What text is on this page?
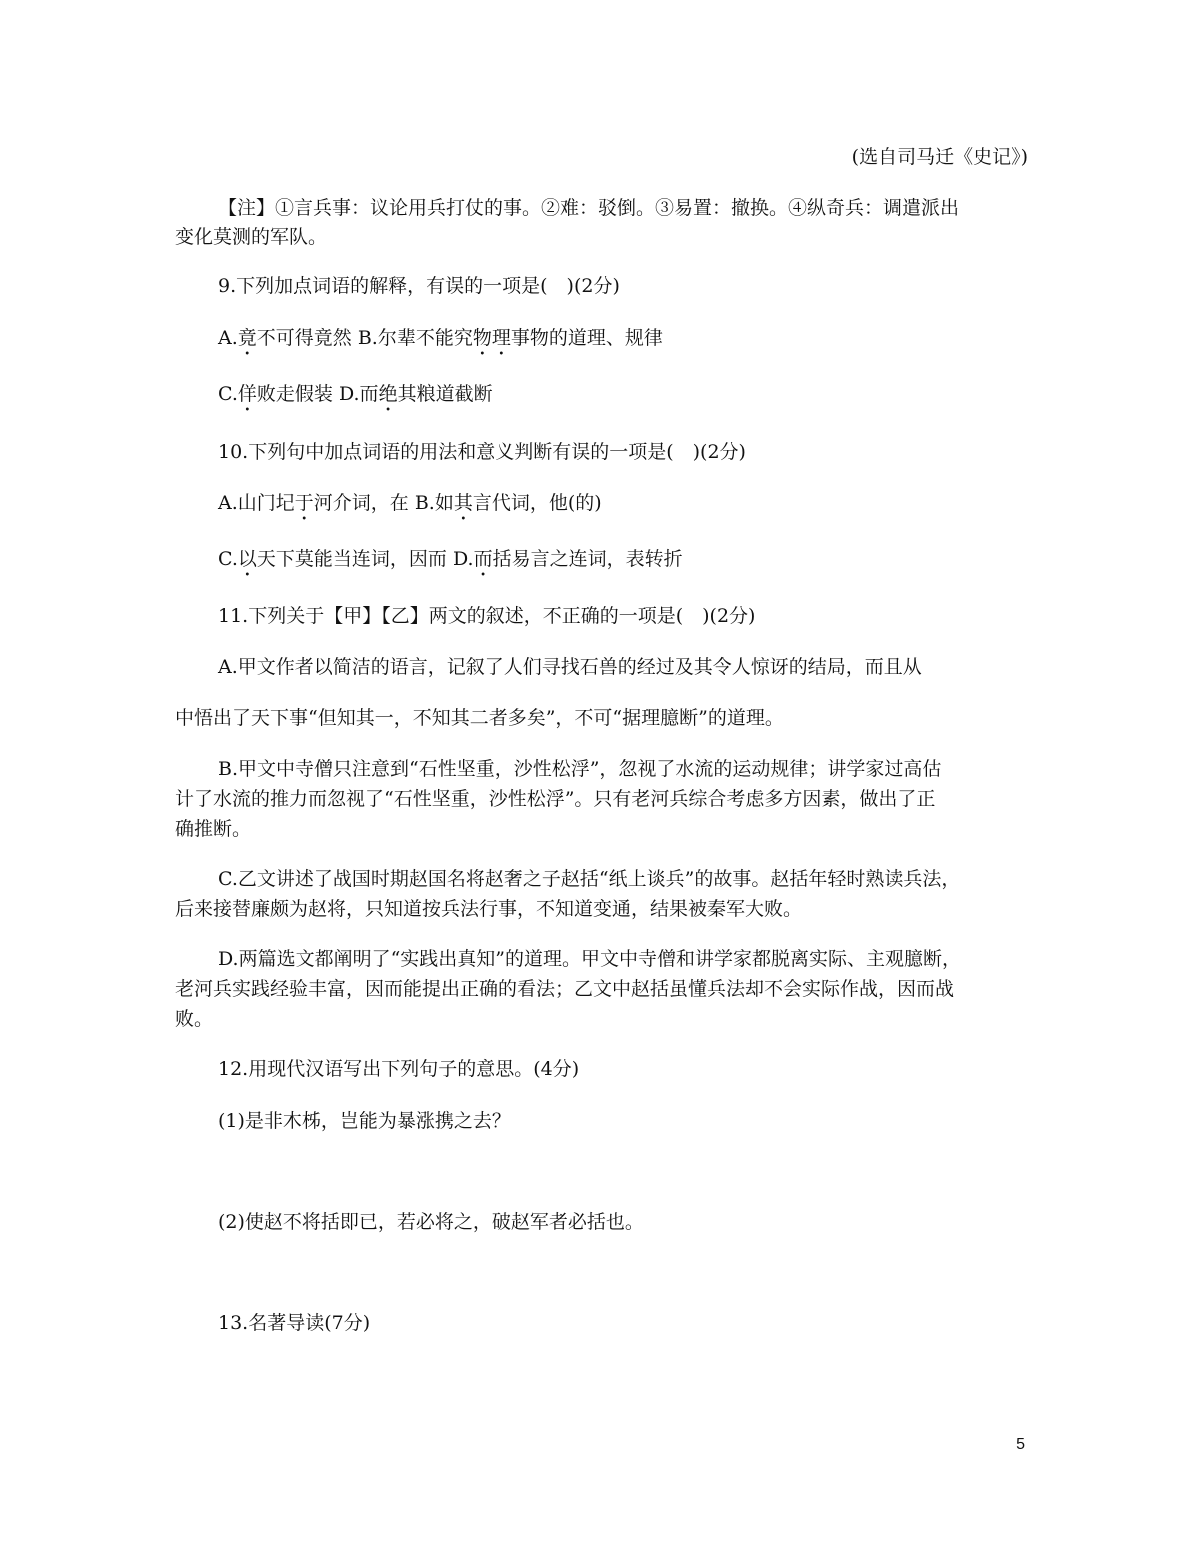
(选自司马迁《史记》)
【注】①言兵事：议论用兵打仗的事。②难：驳倒。③易置：撤换。④纵奇兵：调遣派出
变化莫测的军队。
9.下列加点词语的解释，有误的一项是(　)(2分)
A.竟不可得竟然 B.尔辈不能究物理事物的道理、规律
C.佯败走假装 D.而绝其粮道截断
10.下列句中加点词语的用法和意义判断有误的一项是(　)(2分)
A.山门圮于河介词，在 B.如其言代词，他(的)
C.以天下莫能当连词，因而 D.而括易言之连词，表转折
11.下列关于【甲】【乙】两文的叙述，不正确的一项是(　)(2分)
A.甲文作者以简洁的语言，记叙了人们寻找石兽的经过及其令人惊讶的结局，而且从
中悟出了天下事“但知其一，不知其二者多矣”，不可“据理臆断”的道理。
B.甲文中寺僧只注意到“石性坚重，沙性松浮”，忽视了水流的运动规律；讲学家过高估
计了水流的推力而忽视了“石性坚重，沙性松浮”。只有老河兵综合考虑多方因素，做出了正
确推断。
C.乙文讲述了战国时期赵国名将赵奢之子赵括“纸上谈兵”的故事。赵括年轻时熟读兵法，
后来接替廉颇为赵将，只知道按兵法行事，不知道变通，结果被秦军大败。
D.两篇选文都阐明了“实践出真知”的道理。甲文中寺僧和讲学家都脱离实际、主观臆断，
老河兵实践经验丰富，因而能提出正确的看法；乙文中赵括虽懂兵法却不会实际作战，因而战
败。
12.用现代汉语写出下列句子的意思。(4分)
(1)是非木柹，岂能为暴涨携之去？
(2)使赵不将括即已，若必将之，破赵军者必括也。
13.名著导读(7分)
5
